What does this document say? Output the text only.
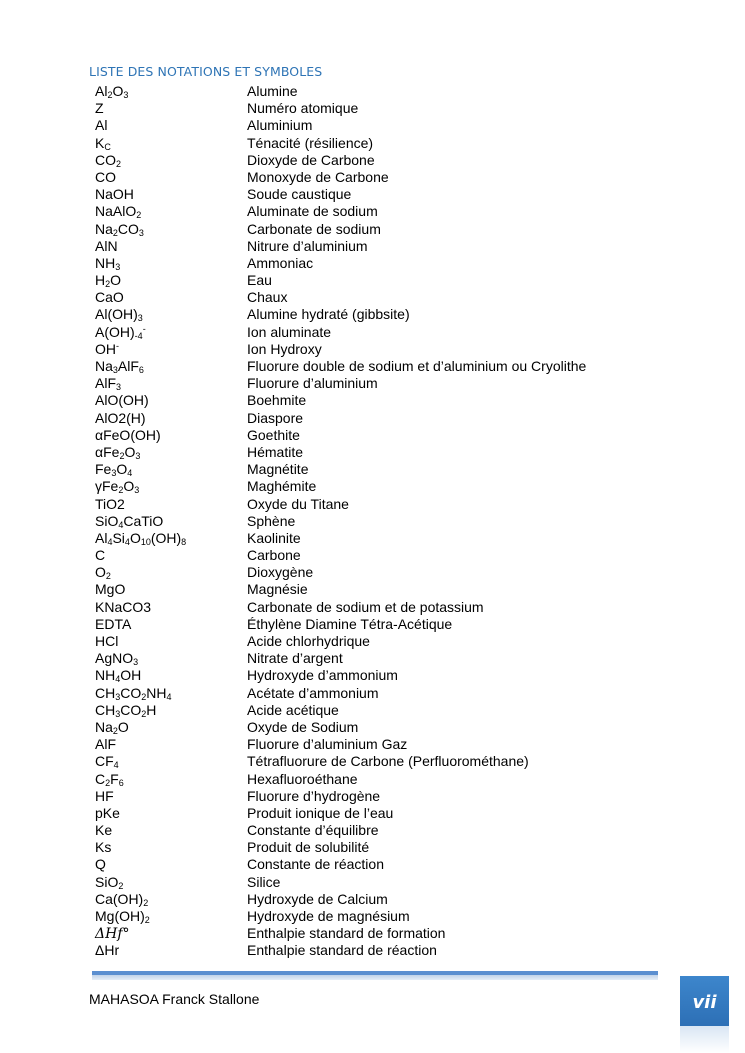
LISTE DES NOTATIONS ET SYMBOLES
$Al_2O_3$	Alumine
Z	Numéro atomique
Al	Aluminium
$K_C$	Ténacité (résilience)
$CO_2$	Dioxyde de Carbone
CO	Monoxyde de Carbone
NaOH	Soude caustique
NaAlO$_2$	Aluminate de sodium
$Na_2CO_3$	Carbonate de sodium
AlN	Nitrure d’aluminium
$NH_3$	Ammoniac
$H_2O$	Eau
CaO	Chaux
$Al(OH)_3$	Alumine hydraté (gibbsite)
$A(OH)_{-4}^-$	Ion aluminate
OH-	Ion Hydroxy
$Na_3AlF_6$	Fluorure double de sodium et d’aluminium ou Cryolithe
AlF$_3$	Fluorure d’aluminium
AlO(OH)	Boehmite
AlO2(H)	Diaspore
αFeO(OH)	Goethite
$\alpha Fe_2O_3$	Hématite
$Fe_3O_4$	Magnétite
$\gamma Fe_2O_3$	Maghémite
TiO2	Oxyde du Titane
SiO$_4$CaTiO	Sphène
$Al_4Si_4O_{10}(OH)_8$	Kaolinite
C	Carbone
$O_2$	Dioxygène
MgO	Magnésie
KNaCO3	Carbonate de sodium et de potassium
EDTA	Éthylène Diamine Tétra-Acétique
HCl	Acide chlorhydrique
AgNO$_3$	Nitrate d’argent
$NH_4OH$	Hydroxyde d’ammonium
$CH_3CO_2NH_4$	Acétate d’ammonium
$CH_3CO_2H$	Acide acétique
$Na_2O$	Oxyde de Sodium
AlF	Fluorure d’aluminium Gaz
$CF_4$	Tétrafluorure de Carbone (Perfluorométhane)
$C_2F_6$	Hexafluoroéthane
HF	Fluorure d’hydrogène
pKe	Produit ionique de l’eau
Ke	Constante d’équilibre
Ks	Produit de solubilité
Q	Constante de réaction
SiO$_2$	Silice
$Ca(OH)_2$	Hydroxyde de Calcium
$Mg(OH)_2$	Hydroxyde de magnésium
ΔHf°	Enthalpie standard de formation
ΔHr	Enthalpie standard de réaction
MAHASOA Franck Stallone	vii
